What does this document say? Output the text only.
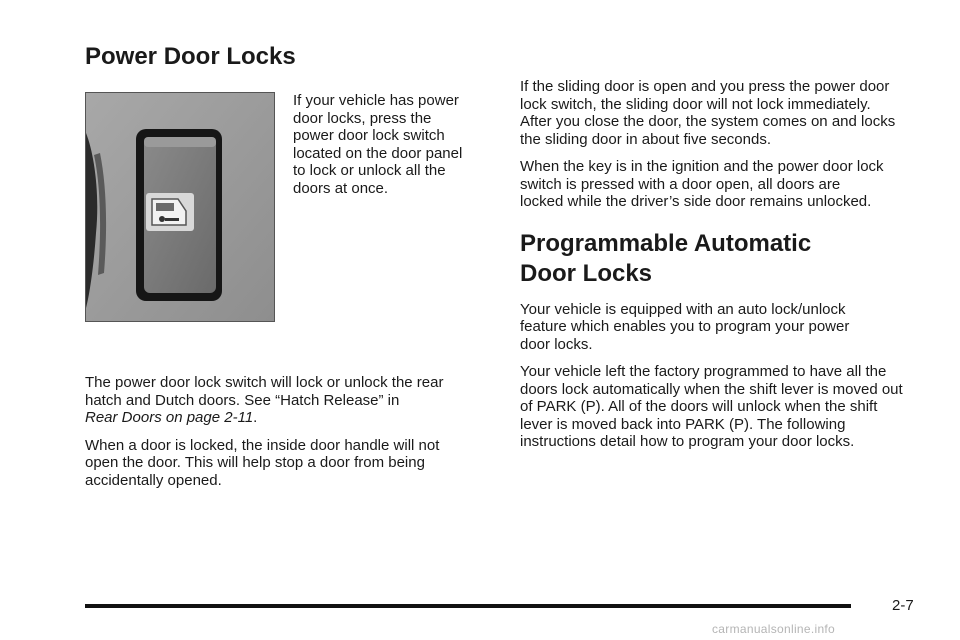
Power Door Locks

If your vehicle has power
door locks, press the
power door lock switch
located on the door panel
to lock or unlock all the
doors at once.

The power door lock switch will lock or unlock the rear
hatch and Dutch doors. See “Hatch Release” in
Rear Doors on page 2-11.

When a door is locked, the inside door handle will not
open the door. This will help stop a door from being
accidentally opened.

If the sliding door is open and you press the power door
lock switch, the sliding door will not lock immediately.
After you close the door, the system comes on and locks
the sliding door in about five seconds.

When the key is in the ignition and the power door lock
switch is pressed with a door open, all doors are
locked while the driver’s side door remains unlocked.

Programmable Automatic
Door Locks

Your vehicle is equipped with an auto lock/unlock
feature which enables you to program your power
door locks.

Your vehicle left the factory programmed to have all the
doors lock automatically when the shift lever is moved out
of PARK (P). All of the doors will unlock when the shift
lever is moved back into PARK (P). The following
instructions detail how to program your door locks.

2-7
carmanualsonline.info
